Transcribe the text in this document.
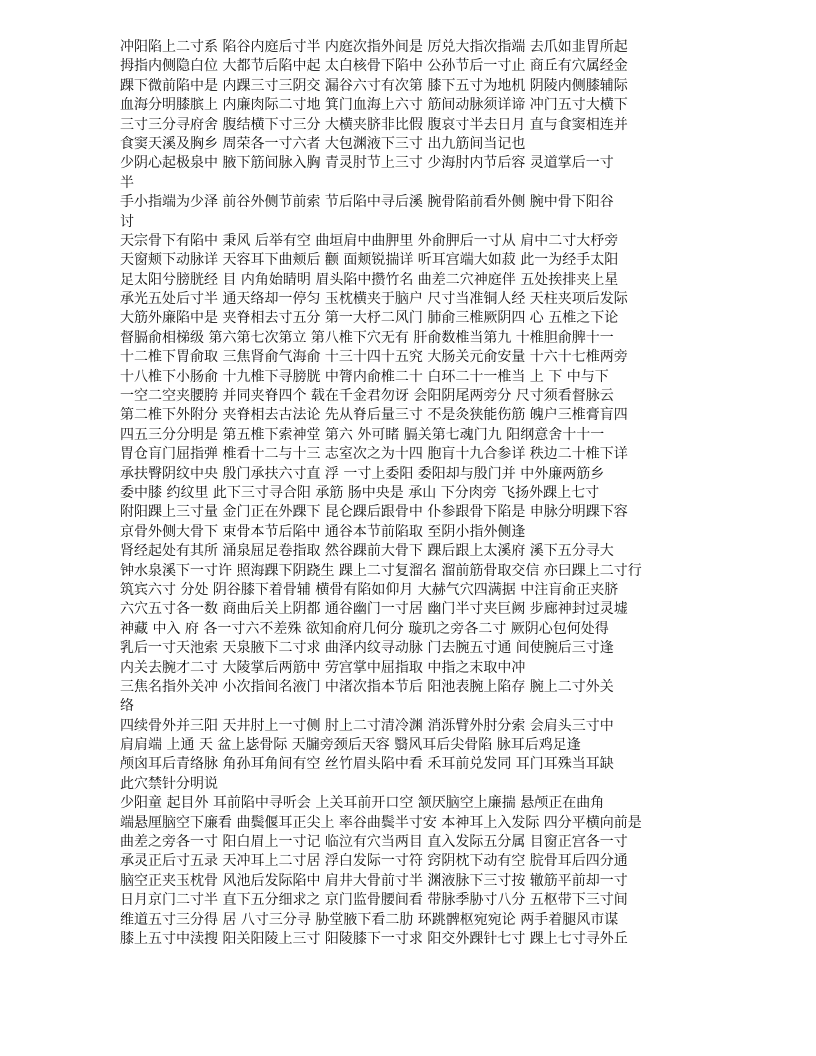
冲阳陷上二寸系 陷谷内庭后寸半 内庭次指外间是 厉兑大指次指端 去爪如韭胃所起
拇指内侧隐白位 大都节后陷中起 太白核骨下陷中 公孙节后一寸止 商丘有穴属经金
踝下微前陷中是 内踝三寸三阴交 漏谷六寸有次第 膝下五寸为地机 阴陵内侧膝辅际
血海分明膝膑上 内廉肉际二寸地 箕门血海上六寸 筋间动脉须详谛 冲门五寸大横下
三寸三分寻府舍 腹结横下寸三分 大横夹脐非比假 腹哀寸半去日月 直与食窦相连并
食窦天溪及胸乡 周荣各一寸六者 大包渊液下三寸 出九筋间当记也
少阴心起极泉中 腋下筋间脉入胸 青灵肘节上三寸 少海肘内节后容 灵道掌后一寸
半
手小指端为少泽 前谷外侧节前索 节后陷中寻后溪 腕骨陷前看外侧 腕中骨下阳谷
讨
天宗骨下有陷中 秉风 后举有空 曲垣肩中曲胛里 外俞胛后一寸从 肩中二寸大杼旁
天窗颊下动脉详 天容耳下曲颊后 颧 面颊锐揣详 听耳宫端大如菽 此一为经手太阳
足太阳兮膀胱经 目 内角始睛明 眉头陷中攒竹名 曲差二穴神庭伴 五处挨排夹上星
承光五处后寸半 通天络却一停匀 玉枕横夹于脑户 尺寸当准铜人经 天柱夹项后发际
大筋外廉陷中是 夹脊相去寸五分 第一大杼二风门 肺俞三椎厥阴四 心 五椎之下论
督膈俞相梯级 第六第七次第立 第八椎下穴无有 肝俞数椎当第九 十椎胆俞脾十一
十二椎下胃俞取 三焦肾俞气海俞 十三十四十五究 大肠关元俞安量 十六十七椎两旁
十八椎下小肠俞 十九椎下寻膀胱 中膂内俞椎二十 白环二十一椎当 上 下 中与下
一空二空夹腰胯 并同夹脊四个 载在千金君勿讶 会阳阴尾两旁分 尺寸须看督脉云
第二椎下外附分 夹脊相去古法论 先从脊后量三寸 不是灸狭能伤筋 魄户三椎膏肓四
四五三分分明是 第五椎下索神堂 第六 外可睹 膈关第七魂门九 阳纲意舍十十一
胃仓肓门屈指弹 椎看十二与十三 志室次之为十四 胞肓十九合参详 秩边二十椎下详
承扶臀阴纹中央 殷门承扶六寸直 浮 一寸上委阳 委阳却与殷门并 中外廉两筋乡
委中膝 约纹里 此下三寸寻合阳 承筋 肠中央是 承山 下分肉旁 飞扬外踝上七寸
附阳踝上三寸量 金门正在外踝下 昆仑踝后跟骨中 仆参跟骨下陷是 申脉分明踝下容
京骨外侧大骨下 束骨本节后陷中 通谷本节前陷取 至阴小指外侧逢
肾经起处有其所 涌泉屈足卷指取 然谷踝前大骨下 踝后跟上太溪府 溪下五分寻大
钟水泉溪下一寸许 照海踝下阴跷生 踝上二寸复溜名 溜前筋骨取交信 亦曰踝上二寸行
筑宾六寸 分处 阴谷膝下着骨辅 横骨有陷如仰月 大赫气穴四满据 中注肓俞正夹脐
六穴五寸各一数 商曲后关上阴都 通谷幽门一寸居 幽门半寸夹巨阙 步廊神封过灵墟
神藏 中入 府 各一寸六不差殊 欲知俞府几何分 璇玑之旁各二寸 厥阴心包何处得
乳后一寸天池索 天泉腋下二寸求 曲泽内纹寻动脉 门去腕五寸通 间使腕后三寸逢
内关去腕才二寸 大陵掌后两筋中 劳宫掌中屈指取 中指之末取中冲
三焦名指外关冲 小次指间名液门 中渚次指本节后 阳池表腕上陷存 腕上二寸外关
络
四续骨外并三阳 天井肘上一寸侧 肘上二寸清冷渊 消泺臂外肘分索 会肩头三寸中
肩肩端 上通 天 盆上毖骨际 天牖旁颈后天容 翳风耳后尖骨陷 脉耳后鸡足逢
颅囟耳后青络脉 角孙耳角间有空 丝竹眉头陷中看 禾耳前兑发同 耳门耳殊当耳缺
此穴禁针分明说
少阳童 起目外 耳前陷中寻听会 上关耳前开口空 颔厌脑空上廉揣 悬颅正在曲角
端悬厘脑空下廉看 曲鬓偃耳正尖上 率谷曲鬓半寸安 本神耳上入发际 四分平横向前是
曲差之旁各一寸 阳白眉上一寸记 临泣有穴当两目 直入发际五分属 目窗正宫各一寸
承灵正后寸五录 天冲耳上二寸居 浮白发际一寸符 窍阴枕下动有空 脘骨耳后四分通
脑空正夹玉枕骨 风池后发际陷中 肩井大骨前寸半 渊液脉下三寸按 辙筋平前却一寸
日月京门二寸半 直下五分细求之 京门监骨腰间看 带脉季胁寸八分 五枢带下三寸间
维道五寸三分得 居 八寸三分寻 胁堂腋下看二肋 环跳髀枢宛宛论 两手着腿风市谋
膝上五寸中渎搜 阳关阳陵上三寸 阳陵膝下一寸求 阳交外踝针七寸 踝上七寸寻外丘
